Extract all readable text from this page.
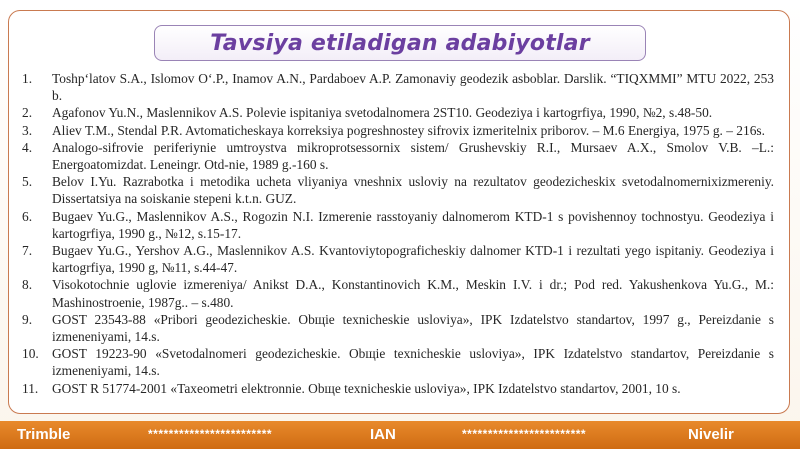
Tavsiya etiladigan adabiyotlar
1.	Toshp‘latov S.A., Islomov O‘.P., Inamov A.N., Pardaboev A.P. Zamonaviy geodezik asboblar. Darslik. “TIQXMMI” MTU 2022, 253 b.
2.	Agafonov Yu.N., Maslennikov A.S. Polevie ispitaniya svetodalnomera 2ST10. Geodeziya i kartogrfiya, 1990, №2, s.48-50.
3.	Aliev T.M., Stendal P.R. Avtomaticheskaya korreksiya pogreshnostey sifrovix izmeritelnix priborov. – M.6 Energiya, 1975 g. – 216s.
4.	Analogo-sifrovie periferiynie umtroystva mikroprotsessornix sistem/ Grushevskiy R.I., Mursaev A.X., Smolov V.B. –L.: Energoatomizdat. Leneingr. Otd-nie, 1989 g.-160 s.
5.	Belov I.Yu. Razrabotka i metodika ucheta vliyaniya vneshnix usloviy na rezultatov geodezicheskix svetodalnomernixizmereniy. Dissertatsiya na soiskanie stepeni k.t.n. GUZ.
6.	Bugaev Yu.G., Maslennikov A.S., Rogozin N.I. Izmerenie rasstoyaniy dalnomerom KTD-1 s povishennoy tochnostyu. Geodeziya i kartogrfiya, 1990 g., №12, s.15-17.
7.	Bugaev Yu.G., Yershov A.G., Maslennikov A.S. Kvantoviytopograficheskiy dalnomer KTD-1 i rezultati yego ispitaniy. Geodeziya i kartogrfiya, 1990 g, №11, s.44-47.
8.	Visokotochnie uglovie izmereniya/ Anikst D.A., Konstantinovich K.M., Meskin I.V. i dr.; Pod red. Yakushenkova Yu.G., M.: Mashinostroenie, 1987g.. – s.480.
9.	GOST 23543-88 «Pribori geodezicheskie. Obщie texnicheskie usloviya», IPK Izdatelstvo standartov, 1997 g., Pereizdanie s izmeneniyami, 14.s.
10. GOST 19223-90 «Svetodalnomeri geodezicheskie. Obщie texnicheskie usloviya», IPK Izdatelstvo standartov, Pereizdanie s izmeneniyami, 14.s.
11.	GOST R 51774-2001 «Taxeometri elektronnie. Obщe texnicheskie usloviya», IPK Izdatelstvo standartov, 2001, 10 s.
Trimble	************************	IAN	************************	Nivelir
